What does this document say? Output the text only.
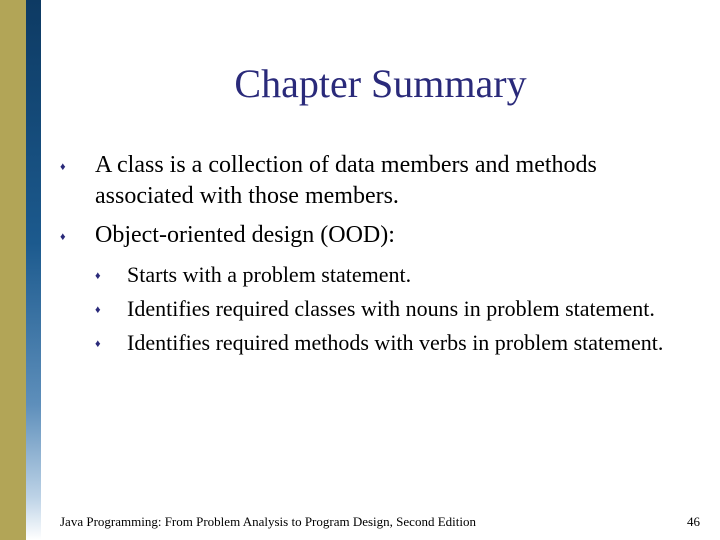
Chapter Summary
♦ A class is a collection of data members and methods associated with those members.
♦ Object-oriented design (OOD):
♦ Starts with a problem statement.
♦ Identifies required classes with nouns in problem statement.
♦ Identifies required methods with verbs in problem statement.
Java Programming: From Problem Analysis to Program Design, Second Edition	46
